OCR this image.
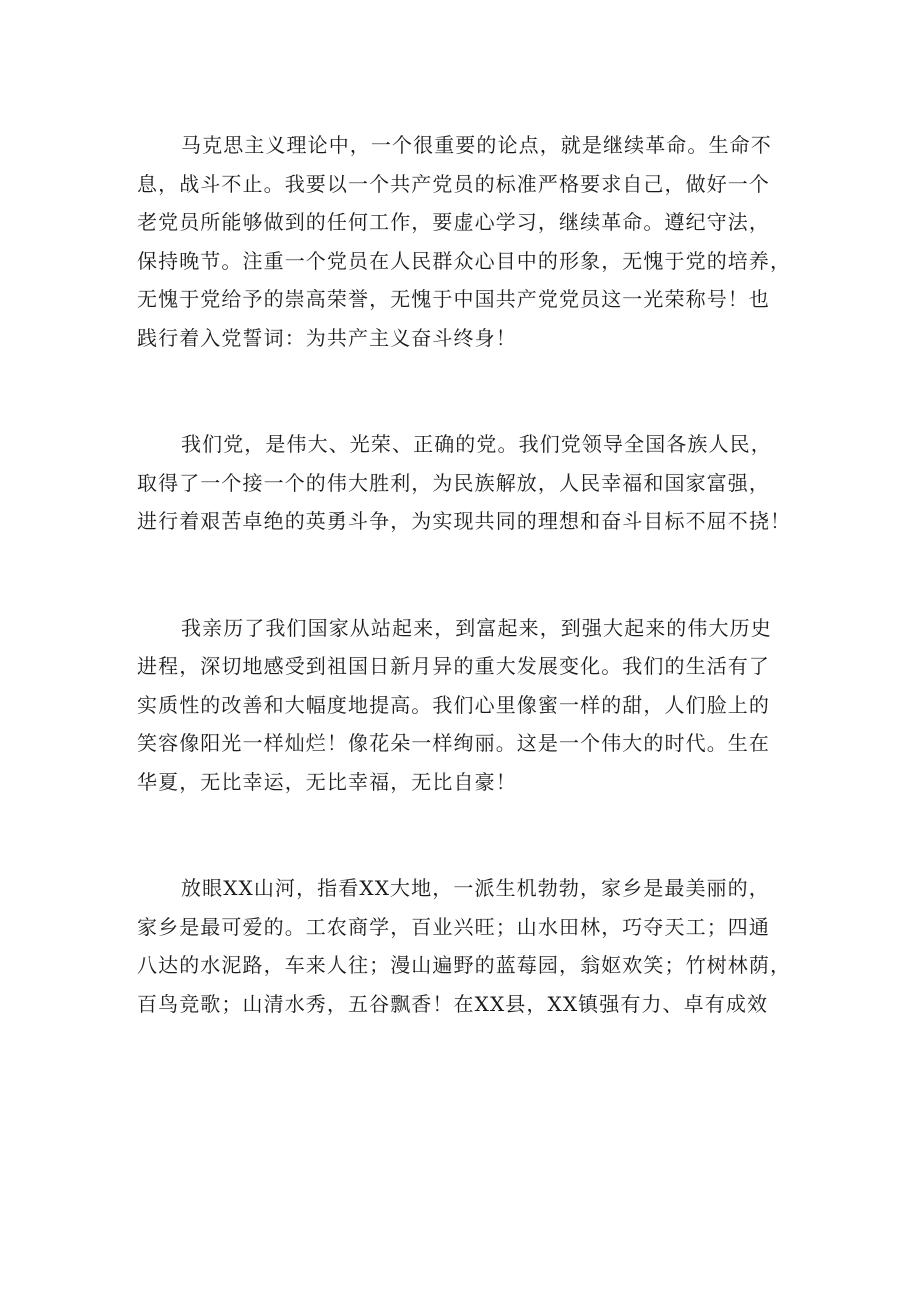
马克思主义理论中，一个很重要的论点，就是继续革命。生命不
息，战斗不止。我要以一个共产党员的标准严格要求自己，做好一个
老党员所能够做到的任何工作，要虚心学习，继续革命。遵纪守法，
保持晚节。注重一个党员在人民群众心目中的形象，无愧于党的培养，
无愧于党给予的崇高荣誉，无愧于中国共产党党员这一光荣称号！也
践行着入党誓词：为共产主义奋斗终身！

我们党，是伟大、光荣、正确的党。我们党领导全国各族人民，
取得了一个接一个的伟大胜利，为民族解放，人民幸福和国家富强，
进行着艰苦卓绝的英勇斗争，为实现共同的理想和奋斗目标不屈不挠！

我亲历了我们国家从站起来，到富起来，到强大起来的伟大历史
进程，深切地感受到祖国日新月异的重大发展变化。我们的生活有了
实质性的改善和大幅度地提高。我们心里像蜜一样的甜，人们脸上的
笑容像阳光一样灿烂！像花朵一样绚丽。这是一个伟大的时代。生在
华夏，无比幸运，无比幸福，无比自豪！

放眼XX山河，指看XX大地，一派生机勃勃，家乡是最美丽的，
家乡是最可爱的。工农商学，百业兴旺；山水田林，巧夺天工；四通
八达的水泥路，车来人往；漫山遍野的蓝莓园，翁妪欢笑；竹树林荫，
百鸟竞歌；山清水秀，五谷飘香！在XX县，XX镇强有力、卓有成效
